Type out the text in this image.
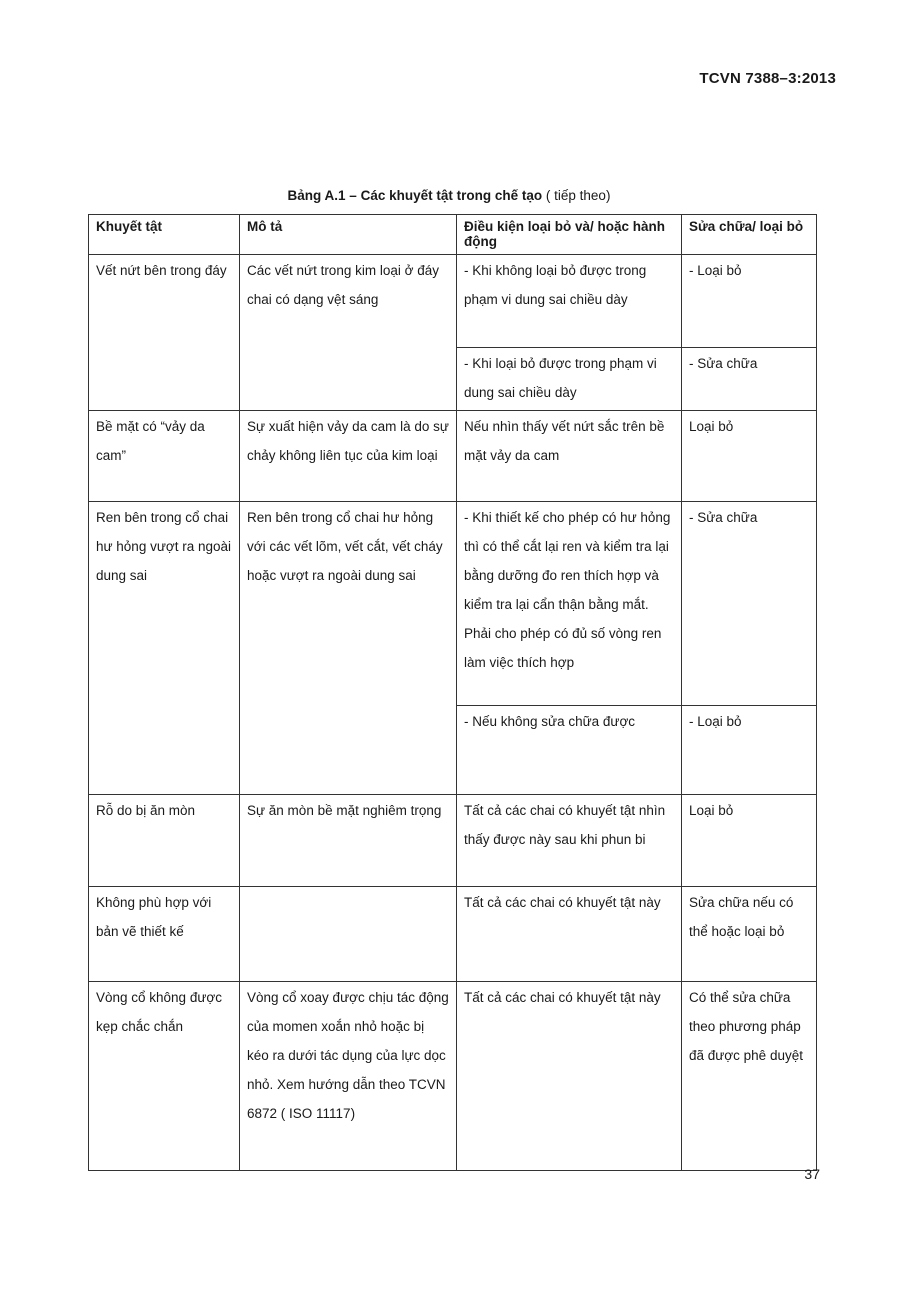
TCVN 7388–3:2013
Bảng A.1 – Các khuyết tật trong chế tạo ( tiếp theo)
Khuyết tật	Mô tả	Điều kiện loại bỏ và/ hoặc hành động	Sửa chữa/ loại bỏ
Vết nứt bên trong đáy	Các vết nứt trong kim loại ở đáy chai có dạng vệt sáng	- Khi không loại bỏ được trong phạm vi dung sai chiều dày	- Loại bỏ
		- Khi loại bỏ được trong phạm vi dung sai chiều dày	- Sửa chữa
Bề mặt có “vảy da cam”	Sự xuất hiện vảy da cam là do sự chảy không liên tục của kim loại	Nếu nhìn thấy vết nứt sắc trên bề mặt vảy da cam	Loại bỏ
Ren bên trong cổ chai hư hỏng vượt ra ngoài dung sai	Ren bên trong cổ chai hư hỏng với các vết lõm, vết cắt, vết cháy hoặc vượt ra ngoài dung sai	- Khi thiết kế cho phép có hư hỏng thì có thể cắt lại ren và kiểm tra lại bằng dưỡng đo ren thích hợp và kiểm tra lại cẩn thận bằng mắt. Phải cho phép có đủ số vòng ren làm việc thích hợp	- Sửa chữa
		- Nếu không sửa chữa được	- Loại bỏ
Rỗ do bị ăn mòn	Sự ăn mòn bề mặt nghiêm trọng	Tất cả các chai có khuyết tật nhìn thấy được này sau khi phun bi	Loại bỏ
Không phù hợp với bản vẽ thiết kế		Tất cả các chai có khuyết tật này	Sửa chữa nếu có thể hoặc loại bỏ
Vòng cổ không được kẹp chắc chắn	Vòng cổ xoay được chịu tác động của momen xoắn nhỏ hoặc bị kéo ra dưới tác dụng của lực dọc nhỏ. Xem hướng dẫn theo TCVN 6872 ( ISO 11117)	Tất cả các chai có khuyết tật này	Có thể sửa chữa theo phương pháp đã được phê duyệt
37
